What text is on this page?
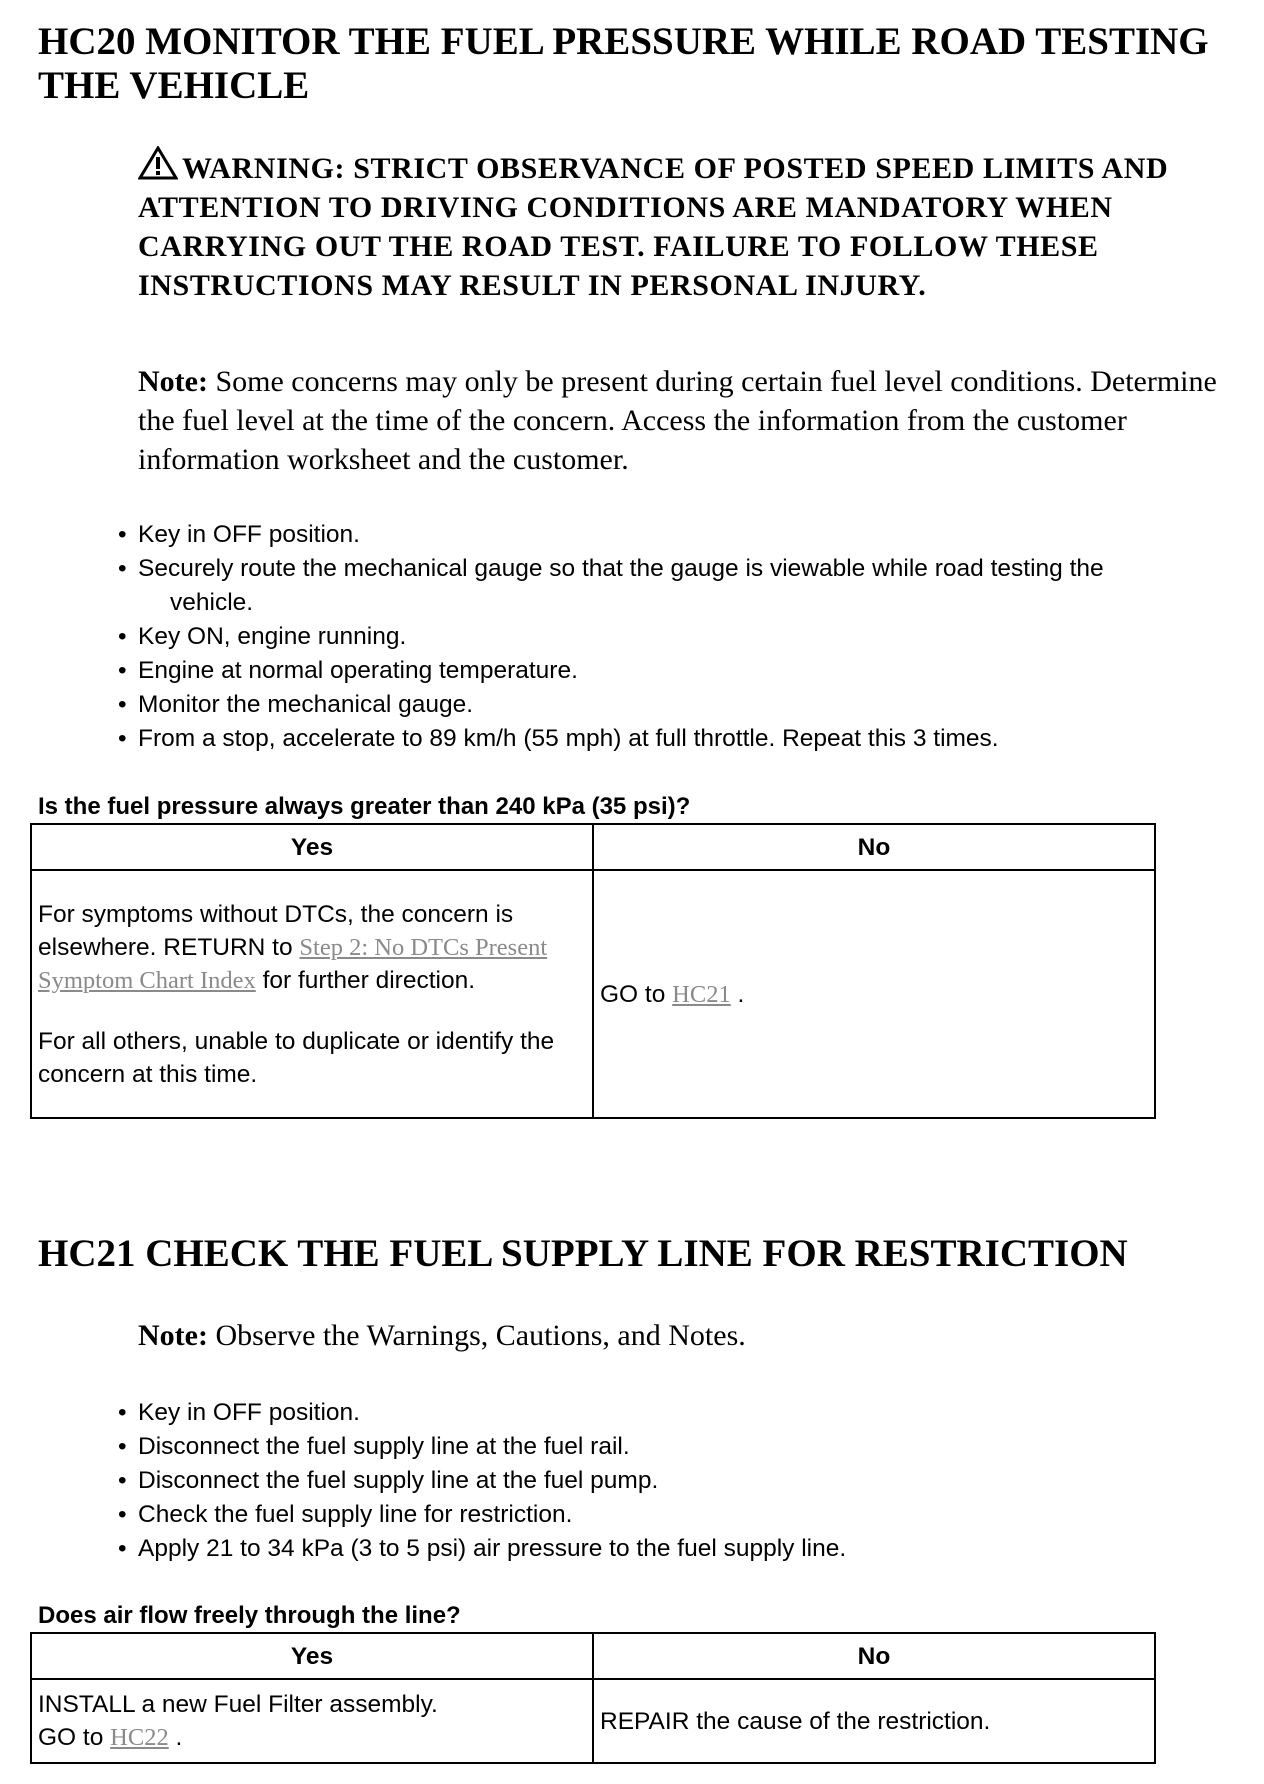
HC20 MONITOR THE FUEL PRESSURE WHILE ROAD TESTING
THE VEHICLE
WARNING: STRICT OBSERVANCE OF POSTED SPEED LIMITS AND ATTENTION TO DRIVING CONDITIONS ARE MANDATORY WHEN CARRYING OUT THE ROAD TEST. FAILURE TO FOLLOW THESE INSTRUCTIONS MAY RESULT IN PERSONAL INJURY.
Note: Some concerns may only be present during certain fuel level conditions. Determine the fuel level at the time of the concern. Access the information from the customer information worksheet and the customer.
• Key in OFF position.
• Securely route the mechanical gauge so that the gauge is viewable while road testing the
vehicle.
• Key ON, engine running.
• Engine at normal operating temperature.
• Monitor the mechanical gauge.
• From a stop, accelerate to 89 km/h (55 mph) at full throttle. Repeat this 3 times.
Is the fuel pressure always greater than 240 kPa (35 psi)?
Yes	No
For symptoms without DTCs, the concern is elsewhere. RETURN to Step 2: No DTCs Present Symptom Chart Index for further direction.
For all others, unable to duplicate or identify the concern at this time.	GO to HC21 .
HC21 CHECK THE FUEL SUPPLY LINE FOR RESTRICTION
Note: Observe the Warnings, Cautions, and Notes.
• Key in OFF position.
• Disconnect the fuel supply line at the fuel rail.
• Disconnect the fuel supply line at the fuel pump.
• Check the fuel supply line for restriction.
• Apply 21 to 34 kPa (3 to 5 psi) air pressure to the fuel supply line.
Does air flow freely through the line?
Yes	No
INSTALL a new Fuel Filter assembly.
GO to HC22 .	REPAIR the cause of the restriction.
